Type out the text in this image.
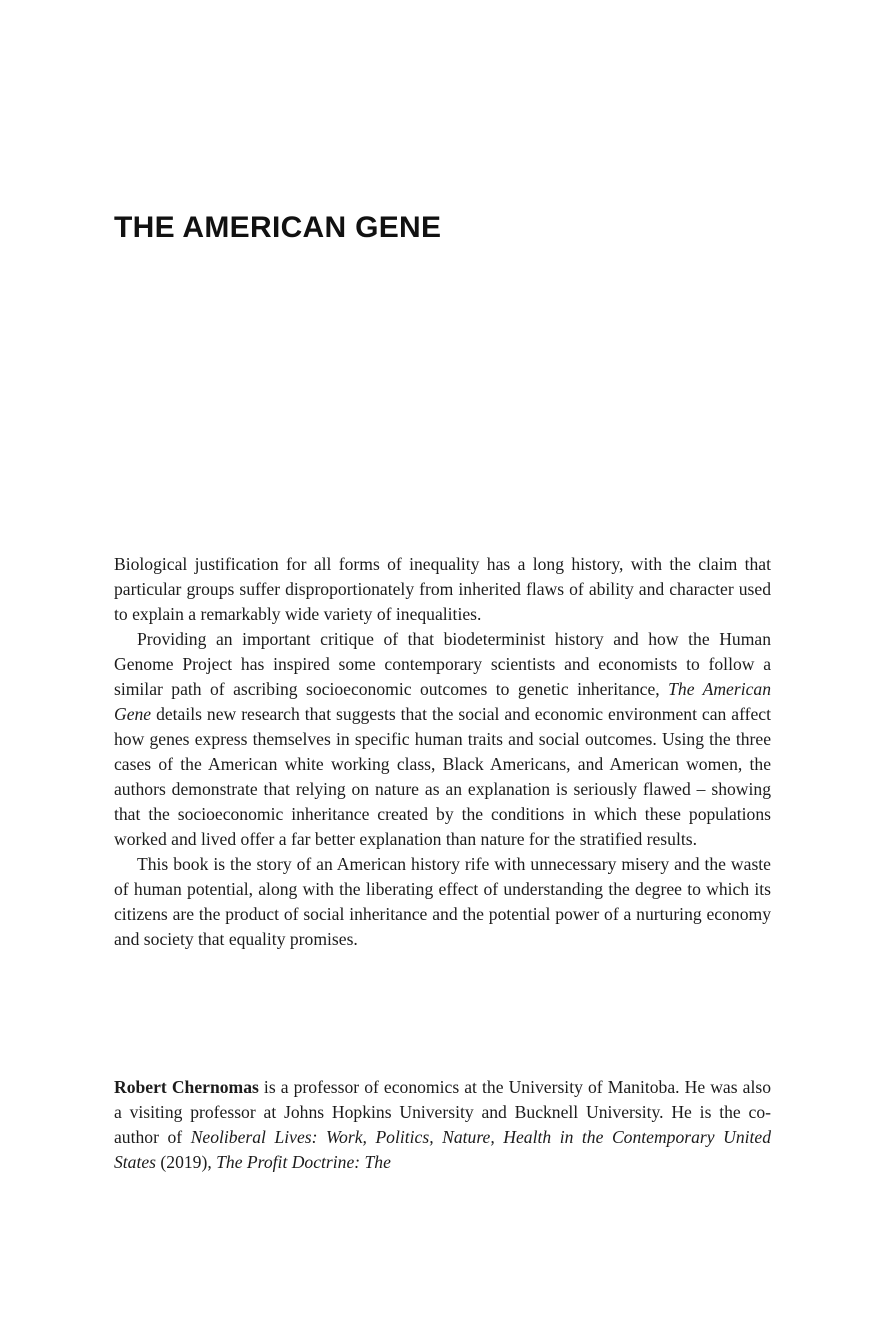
THE AMERICAN GENE

Biological justification for all forms of inequality has a long history, with the claim that particular groups suffer disproportionately from inherited flaws of ability and character used to explain a remarkably wide variety of inequalities.

Providing an important critique of that biodeterminist history and how the Human Genome Project has inspired some contemporary scientists and economists to follow a similar path of ascribing socioeconomic outcomes to genetic inheritance, The American Gene details new research that suggests that the social and economic environment can affect how genes express themselves in specific human traits and social outcomes. Using the three cases of the American white working class, Black Americans, and American women, the authors demonstrate that relying on nature as an explanation is seriously flawed – showing that the socioeconomic inheritance created by the conditions in which these populations worked and lived offer a far better explanation than nature for the stratified results.

This book is the story of an American history rife with unnecessary misery and the waste of human potential, along with the liberating effect of understanding the degree to which its citizens are the product of social inheritance and the potential power of a nurturing economy and society that equality promises.

Robert Chernomas is a professor of economics at the University of Manitoba. He was also a visiting professor at Johns Hopkins University and Bucknell University. He is the co-author of Neoliberal Lives: Work, Politics, Nature, Health in the Contemporary United States (2019), The Profit Doctrine: The
